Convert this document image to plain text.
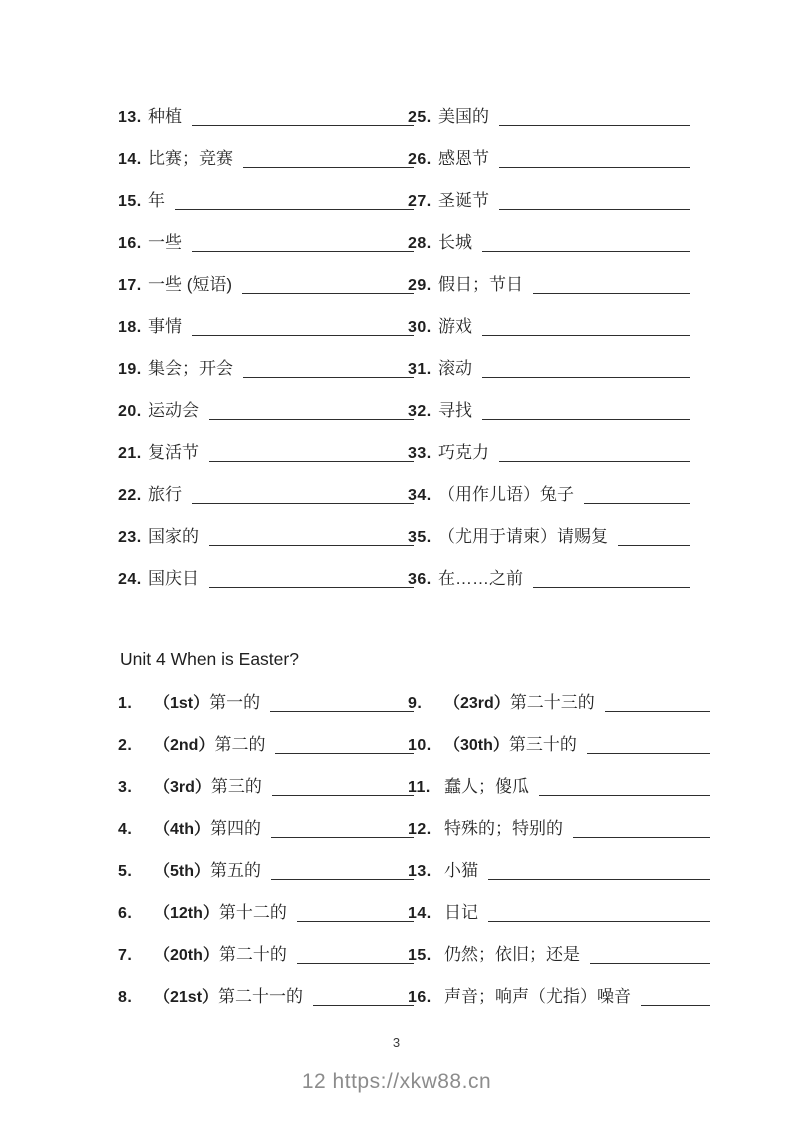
13. 种植	25. 美国的
14. 比赛；竞赛	26. 感恩节
15. 年	27. 圣诞节
16. 一些	28. 长城
17. 一些 (短语)	29. 假日；节日
18. 事情	30. 游戏
19. 集会；开会	31. 滚动
20. 运动会	32. 寻找
21. 复活节	33. 巧克力
22. 旅行	34. （用作儿语）兔子
23. 国家的	35. （尤用于请柬）请赐复
24. 国庆日	36. 在……之前
Unit 4 When is Easter?
1.	（1st） 第一的	9.	（23rd） 第二十三的
2.	（2nd） 第二的	10. （30th） 第三十的
3.	（3rd） 第三的	11. 蠢人；傻瓜
4.	（4th） 第四的	12. 特殊的；特别的
5.	（5th） 第五的	13. 小猫
6.	（12th） 第十二的	14. 日记
7.	（20th） 第二十的	15. 仍然；依旧；还是
8.	（21st） 第二十一的	16. 声音；响声（尤指）噪音
3
12 https://xkw88.cn
